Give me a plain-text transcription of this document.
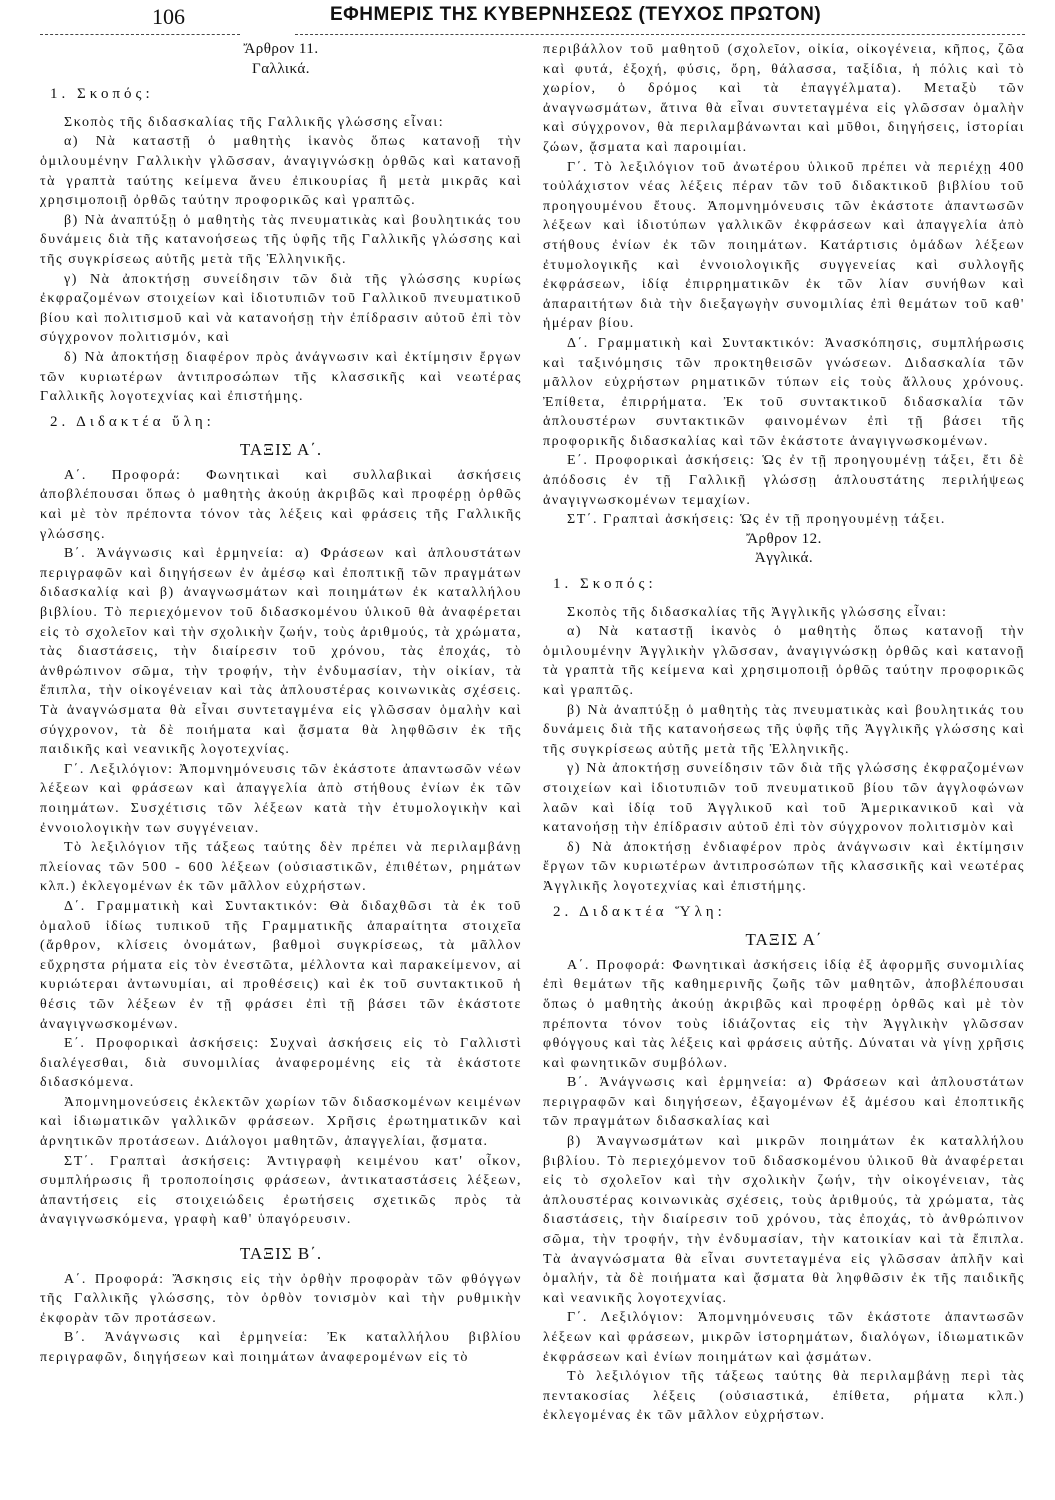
106	ΕΦΗΜΕΡΙΣ ΤΗΣ ΚΥΒΕΡΝΗΣΕΩΣ (ΤΕΥΧΟΣ ΠΡΩΤΟΝ)

Ἄρθρον 11.

Γαλλικά.

1. Σκοπός:

Σκοπὸς τῆς διδασκαλίας τῆς Γαλλικῆς γλώσσης εἶναι:

α) Νὰ καταστῇ ὁ μαθητὴς ἱκανὸς ὅπως κατανοῇ τὴν ὁμιλουμένην Γαλλικὴν γλῶσσαν, ἀναγιγνώσκῃ ὀρθῶς καὶ κατανοῇ τὰ γραπτὰ ταύτης κείμενα ἄνευ ἐπικουρίας ἢ μετὰ μικρᾶς καὶ χρησιμοποιῇ ὀρθῶς ταύτην προφορικῶς καὶ γραπτῶς.

β) Νὰ ἀναπτύξῃ ὁ μαθητὴς τὰς πνευματικὰς καὶ βουλητικάς του δυνάμεις διὰ τῆς κατανοήσεως τῆς ὑφῆς τῆς Γαλλικῆς γλώσσης καὶ τῆς συγκρίσεως αὐτῆς μετὰ τῆς Ἑλληνικῆς.

γ) Νὰ ἀποκτήσῃ συνείδησιν τῶν διὰ τῆς γλώσσης κυρίως ἐκφραζομένων στοιχείων καὶ ἰδιοτυπιῶν τοῦ Γαλλικοῦ πνευματικοῦ βίου καὶ πολιτισμοῦ καὶ νὰ κατανοήσῃ τὴν ἐπίδρασιν αὐτοῦ ἐπὶ τὸν σύγχρονον πολιτισμόν, καὶ

δ) Νὰ ἀποκτήσῃ διαφέρον πρὸς ἀνάγνωσιν καὶ ἐκτίμησιν ἔργων τῶν κυριωτέρων ἀντιπροσώπων τῆς κλασσικῆς καὶ νεωτέρας Γαλλικῆς λογοτεχνίας καὶ ἐπιστήμης.

2. Διδακτέα ὕλη:

ΤΑΞΙΣ Α΄.

Α΄. Προφορά: Φωνητικαὶ καὶ συλλαβικαὶ ἀσκήσεις ἀποβλέπουσαι ὅπως ὁ μαθητὴς ἀκούῃ ἀκριβῶς καὶ προφέρῃ ὀρθῶς καὶ μὲ τὸν πρέποντα τόνον τὰς λέξεις καὶ φράσεις τῆς Γαλλικῆς γλώσσης.

Β΄. Ἀνάγνωσις καὶ ἑρμηνεία: α) Φράσεων καὶ ἁπλουστάτων περιγραφῶν καὶ διηγήσεων ἐν ἀμέσῳ καὶ ἐποπτικῇ τῶν πραγμάτων διδασκαλίᾳ καὶ β) ἀναγνωσμάτων καὶ ποιημάτων ἐκ καταλλήλου βιβλίου. Τὸ περιεχόμενον τοῦ διδασκομένου ὑλικοῦ θὰ ἀναφέρεται εἰς τὸ σχολεῖον καὶ τὴν σχολικὴν ζωήν, τοὺς ἀριθμούς, τὰ χρώματα, τὰς διαστάσεις, τὴν διαίρεσιν τοῦ χρόνου, τὰς ἐποχάς, τὸ ἀνθρώπινον σῶμα, τὴν τροφήν, τὴν ἐνδυμασίαν, τὴν οἰκίαν, τὰ ἔπιπλα, τὴν οἰκογένειαν καὶ τὰς ἁπλουστέρας κοινωνικὰς σχέσεις. Τὰ ἀναγνώσματα θὰ εἶναι συντεταγμένα εἰς γλῶσσαν ὁμαλὴν καὶ σύγχρονον, τὰ δὲ ποιήματα καὶ ᾄσματα θὰ ληφθῶσιν ἐκ τῆς παιδικῆς καὶ νεανικῆς λογοτεχνίας.

Γ΄. Λεξιλόγιον: Ἀπομνημόνευσις τῶν ἑκάστοτε ἀπαντωσῶν νέων λέξεων καὶ φράσεων καὶ ἀπαγγελία ἀπὸ στήθους ἐνίων ἐκ τῶν ποιημάτων. Συσχέτισις τῶν λέξεων κατὰ τὴν ἐτυμολογικὴν καὶ ἐννοιολογικὴν των συγγένειαν.

Τὸ λεξιλόγιον τῆς τάξεως ταύτης δὲν πρέπει νὰ περιλαμβάνῃ πλείονας τῶν 500 - 600 λέξεων (οὐσιαστικῶν, ἐπιθέτων, ρημάτων κλπ.) ἐκλεγομένων ἐκ τῶν μᾶλλον εὐχρήστων.

Δ΄. Γραμματικὴ καὶ Συντακτικόν: Θὰ διδαχθῶσι τὰ ἐκ τοῦ ὁμαλοῦ ἰδίως τυπικοῦ τῆς Γραμματικῆς ἀπαραίτητα στοιχεῖα (ἄρθρον, κλίσεις ὀνομάτων, βαθμοὶ συγκρίσεως, τὰ μᾶλλον εὔχρηστα ρήματα εἰς τὸν ἐνεστῶτα, μέλλοντα καὶ παρακείμενον, αἱ κυριώτεραι ἀντωνυμίαι, αἱ προθέσεις) καὶ ἐκ τοῦ συντακτικοῦ ἡ θέσις τῶν λέξεων ἐν τῇ φράσει ἐπὶ τῇ βάσει τῶν ἑκάστοτε ἀναγιγνωσκομένων.

Ε΄. Προφορικαὶ ἀσκήσεις: Συχναὶ ἀσκήσεις εἰς τὸ Γαλλιστὶ διαλέγεσθαι, διὰ συνομιλίας ἀναφερομένης εἰς τὰ ἑκάστοτε διδασκόμενα.

Ἀπομνημονεύσεις ἐκλεκτῶν χωρίων τῶν διδασκομένων κειμένων καὶ ἰδιωματικῶν γαλλικῶν φράσεων. Χρῆσις ἐρωτηματικῶν καὶ ἀρνητικῶν προτάσεων. Διάλογοι μαθητῶν, ἀπαγγελίαι, ᾄσματα.

ΣΤ΄. Γραπταὶ ἀσκήσεις: Ἀντιγραφὴ κειμένου κατ' οἶκον, συμπλήρωσις ἢ τροποποίησις φράσεων, ἀντικαταστάσεις λέξεων, ἀπαντήσεις εἰς στοιχειώδεις ἐρωτήσεις σχετικῶς πρὸς τὰ ἀναγιγνωσκόμενα, γραφὴ καθ' ὑπαγόρευσιν.

ΤΑΞΙΣ Β΄.

Α΄. Προφορά: Ἄσκησις εἰς τὴν ὀρθὴν προφορὰν τῶν φθόγγων τῆς Γαλλικῆς γλώσσης, τὸν ὀρθὸν τονισμὸν καὶ τὴν ρυθμικὴν ἐκφορὰν τῶν προτάσεων.

Β΄. Ἀνάγνωσις καὶ ἑρμηνεία: Ἐκ καταλλήλου βιβλίου περιγραφῶν, διηγήσεων καὶ ποιημάτων ἀναφερομένων εἰς τὸ

περιβάλλον τοῦ μαθητοῦ (σχολεῖον, οἰκία, οἰκογένεια, κῆπος, ζῶα καὶ φυτά, ἐξοχή, φύσις, ὄρη, θάλασσα, ταξίδια, ἡ πόλις καὶ τὸ χωρίον, ὁ δρόμος καὶ τὰ ἐπαγγέλματα). Μεταξὺ τῶν ἀναγνωσμάτων, ἅτινα θὰ εἶναι συντεταγμένα εἰς γλῶσσαν ὁμαλὴν καὶ σύγχρονον, θὰ περιλαμβάνωνται καὶ μῦθοι, διηγήσεις, ἱστορίαι ζώων, ᾄσματα καὶ παροιμίαι.

Γ΄. Τὸ λεξιλόγιον τοῦ ἀνωτέρου ὑλικοῦ πρέπει νὰ περιέχῃ 400 τοὐλάχιστον νέας λέξεις πέραν τῶν τοῦ διδακτικοῦ βιβλίου τοῦ προηγουμένου ἔτους. Ἀπομνημόνευσις τῶν ἑκάστοτε ἀπαντωσῶν λέξεων καὶ ἰδιοτύπων γαλλικῶν ἐκφράσεων καὶ ἀπαγγελία ἀπὸ στήθους ἐνίων ἐκ τῶν ποιημάτων. Κατάρτισις ὁμάδων λέξεων ἐτυμολογικῆς καὶ ἐννοιολογικῆς συγγενείας καὶ συλλογῆς ἐκφράσεων, ἰδίᾳ ἐπιρρηματικῶν ἐκ τῶν λίαν συνήθων καὶ ἀπαραιτήτων διὰ τὴν διεξαγωγὴν συνομιλίας ἐπὶ θεμάτων τοῦ καθ' ἡμέραν βίου.

Δ΄. Γραμματικὴ καὶ Συντακτικόν: Ἀνασκόπησις, συμπλήρωσις καὶ ταξινόμησις τῶν προκτηθεισῶν γνώσεων. Διδασκαλία τῶν μᾶλλον εὐχρήστων ρηματικῶν τύπων εἰς τοὺς ἄλλους χρόνους. Ἐπίθετα, ἐπιρρήματα. Ἐκ τοῦ συντακτικοῦ διδασκαλία τῶν ἁπλουστέρων συντακτικῶν φαινομένων ἐπὶ τῇ βάσει τῆς προφορικῆς διδασκαλίας καὶ τῶν ἑκάστοτε ἀναγιγνωσκομένων.

Ε΄. Προφορικαὶ ἀσκήσεις: Ὡς ἐν τῇ προηγουμένῃ τάξει, ἔτι δὲ ἀπόδοσις ἐν τῇ Γαλλικῇ γλώσσῃ ἁπλουστάτης περιλήψεως ἀναγιγνωσκομένων τεμαχίων.

ΣΤ΄. Γραπταὶ ἀσκήσεις: Ὡς ἐν τῇ προηγουμένῃ τάξει.

Ἄρθρον 12.

Ἀγγλικά.

1. Σκοπός:

Σκοπὸς τῆς διδασκαλίας τῆς Ἀγγλικῆς γλώσσης εἶναι:

α) Νὰ καταστῇ ἱκανὸς ὁ μαθητὴς ὅπως κατανοῇ τὴν ὁμιλουμένην Ἀγγλικὴν γλῶσσαν, ἀναγιγνώσκῃ ὀρθῶς καὶ κατανοῇ τὰ γραπτὰ τῆς κείμενα καὶ χρησιμοποιῇ ὀρθῶς ταύτην προφορικῶς καὶ γραπτῶς.

β) Νὰ ἀναπτύξῃ ὁ μαθητὴς τὰς πνευματικὰς καὶ βουλητικάς του δυνάμεις διὰ τῆς κατανοήσεως τῆς ὑφῆς τῆς Ἀγγλικῆς γλώσσης καὶ τῆς συγκρίσεως αὐτῆς μετὰ τῆς Ἑλληνικῆς.

γ) Νὰ ἀποκτήσῃ συνείδησιν τῶν διὰ τῆς γλώσσης ἐκφραζομένων στοιχείων καὶ ἰδιοτυπιῶν τοῦ πνευματικοῦ βίου τῶν ἀγγλοφώνων λαῶν καὶ ἰδίᾳ τοῦ Ἀγγλικοῦ καὶ τοῦ Ἀμερικανικοῦ καὶ νὰ κατανοήσῃ τὴν ἐπίδρασιν αὐτοῦ ἐπὶ τὸν σύγχρονον πολιτισμὸν καὶ

δ) Νὰ ἀποκτήσῃ ἐνδιαφέρον πρὸς ἀνάγνωσιν καὶ ἐκτίμησιν ἔργων τῶν κυριωτέρων ἀντιπροσώπων τῆς κλασσικῆς καὶ νεωτέρας Ἀγγλικῆς λογοτεχνίας καὶ ἐπιστήμης.

2. Διδακτέα Ὕλη:

ΤΑΞΙΣ Α΄

Α΄. Προφορά: Φωνητικαὶ ἀσκήσεις ἰδίᾳ ἐξ ἀφορμῆς συνομιλίας ἐπὶ θεμάτων τῆς καθημερινῆς ζωῆς τῶν μαθητῶν, ἀποβλέπουσαι ὅπως ὁ μαθητὴς ἀκούῃ ἀκριβῶς καὶ προφέρῃ ὀρθῶς καὶ μὲ τὸν πρέποντα τόνον τοὺς ἰδιάζοντας εἰς τὴν Ἀγγλικὴν γλῶσσαν φθόγγους καὶ τὰς λέξεις καὶ φράσεις αὐτῆς. Δύναται νὰ γίνῃ χρῆσις καὶ φωνητικῶν συμβόλων.

Β΄. Ἀνάγνωσις καὶ ἑρμηνεία: α) Φράσεων καὶ ἁπλουστάτων περιγραφῶν καὶ διηγήσεων, ἐξαγομένων ἐξ ἀμέσου καὶ ἐποπτικῆς τῶν πραγμάτων διδασκαλίας καὶ

β) Ἀναγνωσμάτων καὶ μικρῶν ποιημάτων ἐκ καταλλήλου βιβλίου. Τὸ περιεχόμενον τοῦ διδασκομένου ὑλικοῦ θὰ ἀναφέρεται εἰς τὸ σχολεῖον καὶ τὴν σχολικὴν ζωήν, τὴν οἰκογένειαν, τὰς ἁπλουστέρας κοινωνικὰς σχέσεις, τοὺς ἀριθμούς, τὰ χρώματα, τὰς διαστάσεις, τὴν διαίρεσιν τοῦ χρόνου, τὰς ἐποχάς, τὸ ἀνθρώπινον σῶμα, τὴν τροφήν, τὴν ἐνδυμασίαν, τὴν κατοικίαν καὶ τὰ ἔπιπλα. Τὰ ἀναγνώσματα θὰ εἶναι συντεταγμένα εἰς γλῶσσαν ἁπλῆν καὶ ὁμαλήν, τὰ δὲ ποιήματα καὶ ᾄσματα θὰ ληφθῶσιν ἐκ τῆς παιδικῆς καὶ νεανικῆς λογοτεχνίας.

Γ΄. Λεξιλόγιον: Ἀπομνημόνευσις τῶν ἑκάστοτε ἀπαντωσῶν λέξεων καὶ φράσεων, μικρῶν ἱστορημάτων, διαλόγων, ἰδιωματικῶν ἐκφράσεων καὶ ἐνίων ποιημάτων καὶ ᾀσμάτων.

Τὸ λεξιλόγιον τῆς τάξεως ταύτης θὰ περιλαμβάνῃ περὶ τὰς πεντακοσίας λέξεις (οὐσιαστικά, ἐπίθετα, ρήματα κλπ.) ἐκλεγομένας ἐκ τῶν μᾶλλον εὐχρήστων.
